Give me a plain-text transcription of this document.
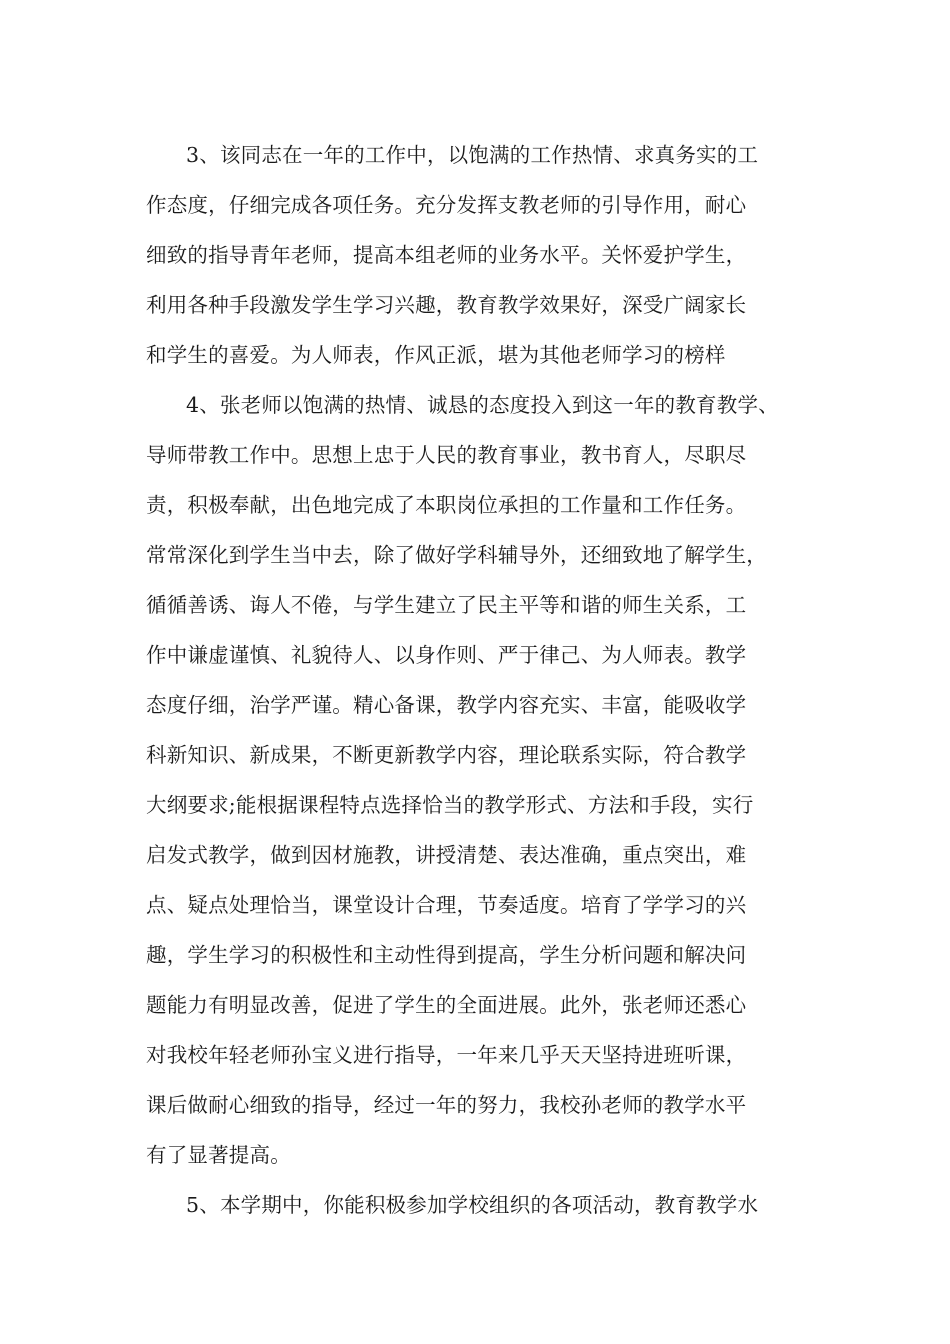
3、该同志在一年的工作中，以饱满的工作热情、求真务实的工
作态度，仔细完成各项任务。充分发挥支教老师的引导作用，耐心
细致的指导青年老师，提高本组老师的业务水平。关怀爱护学生，
利用各种手段激发学生学习兴趣，教育教学效果好，深受广阔家长
和学生的喜爱。为人师表，作风正派，堪为其他老师学习的榜样
4、张老师以饱满的热情、诚恳的态度投入到这一年的教育教学、
导师带教工作中。思想上忠于人民的教育事业，教书育人，尽职尽
责，积极奉献，出色地完成了本职岗位承担的工作量和工作任务。
常常深化到学生当中去，除了做好学科辅导外，还细致地了解学生，
循循善诱、诲人不倦，与学生建立了民主平等和谐的师生关系，工
作中谦虚谨慎、礼貌待人、以身作则、严于律己、为人师表。教学
态度仔细，治学严谨。精心备课，教学内容充实、丰富，能吸收学
科新知识、新成果，不断更新教学内容，理论联系实际，符合教学
大纲要求;能根据课程特点选择恰当的教学形式、方法和手段，实行
启发式教学，做到因材施教，讲授清楚、表达准确，重点突出，难
点、疑点处理恰当，课堂设计合理，节奏适度。培育了学学习的兴
趣，学生学习的积极性和主动性得到提高，学生分析问题和解决问
题能力有明显改善，促进了学生的全面进展。此外，张老师还悉心
对我校年轻老师孙宝义进行指导，一年来几乎天天坚持进班听课，
课后做耐心细致的指导，经过一年的努力，我校孙老师的教学水平
有了显著提高。
5、本学期中，你能积极参加学校组织的各项活动，教育教学水
